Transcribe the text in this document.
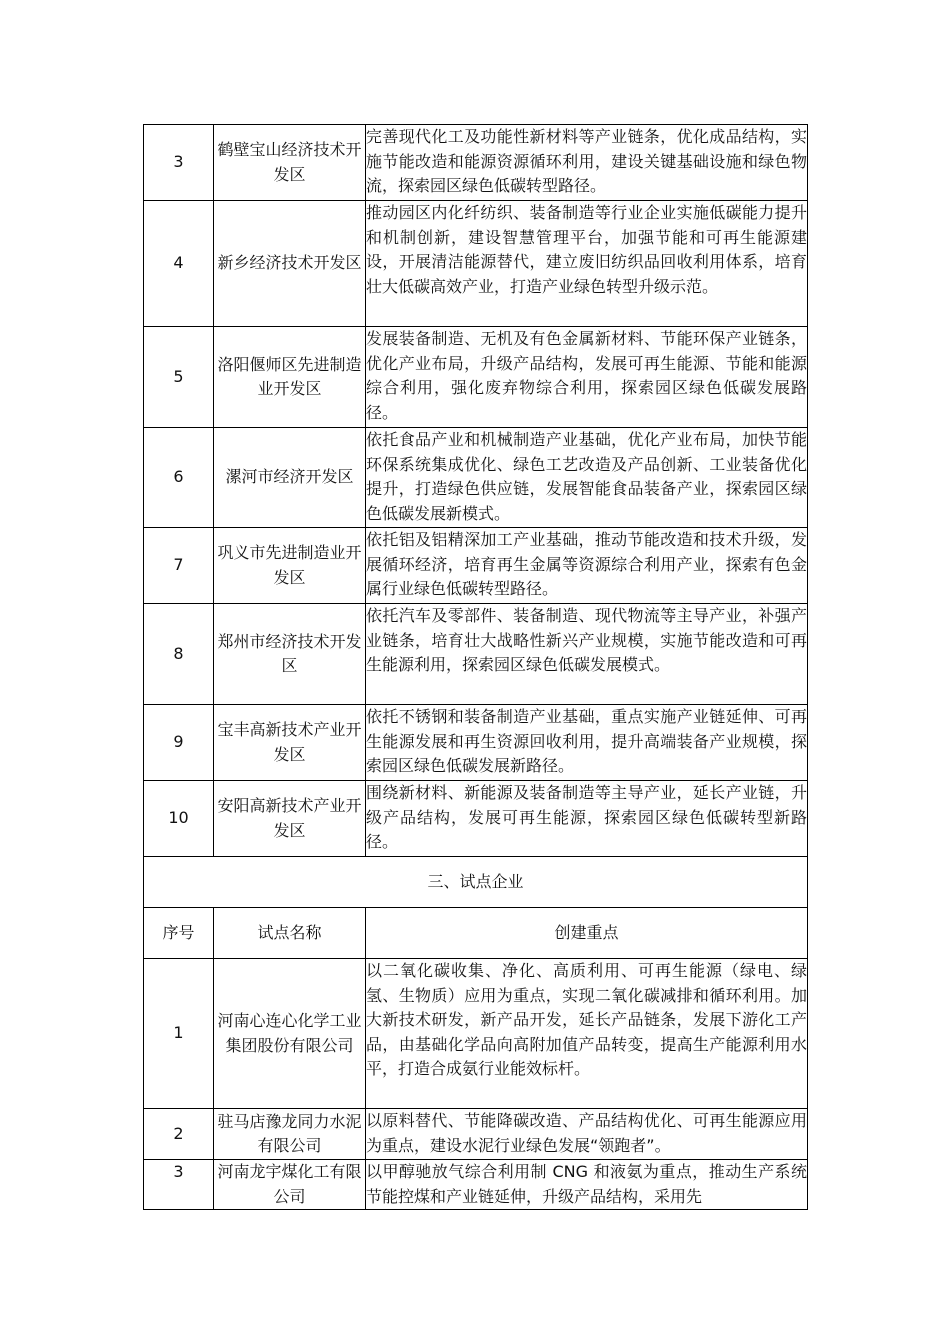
3	鹤壁宝山经济技术开发区	完善现代化工及功能性新材料等产业链条，优化成品结构，实施节能改造和能源资源循环利用，建设关键基础设施和绿色物流，探索园区绿色低碳转型路径。
4	新乡经济技术开发区	推动园区内化纤纺织、装备制造等行业企业实施低碳能力提升和机制创新，建设智慧管理平台，加强节能和可再生能源建设，开展清洁能源替代，建立废旧纺织品回收利用体系，培育壮大低碳高效产业，打造产业绿色转型升级示范。
5	洛阳偃师区先进制造业开发区	发展装备制造、无机及有色金属新材料、节能环保产业链条，优化产业布局，升级产品结构，发展可再生能源、节能和能源综合利用，强化废弃物综合利用，探索园区绿色低碳发展路径。
6	漯河市经济开发区	依托食品产业和机械制造产业基础，优化产业布局，加快节能环保系统集成优化、绿色工艺改造及产品创新、工业装备优化提升，打造绿色供应链，发展智能食品装备产业，探索园区绿色低碳发展新模式。
7	巩义市先进制造业开发区	依托铝及铝精深加工产业基础，推动节能改造和技术升级，发展循环经济，培育再生金属等资源综合利用产业，探索有色金属行业绿色低碳转型路径。
8	郑州市经济技术开发区	依托汽车及零部件、装备制造、现代物流等主导产业，补强产业链条，培育壮大战略性新兴产业规模，实施节能改造和可再生能源利用，探索园区绿色低碳发展模式。
9	宝丰高新技术产业开发区	依托不锈钢和装备制造产业基础，重点实施产业链延伸、可再生能源发展和再生资源回收利用，提升高端装备产业规模，探索园区绿色低碳发展新路径。
10	安阳高新技术产业开发区	围绕新材料、新能源及装备制造等主导产业，延长产业链，升级产品结构，发展可再生能源，探索园区绿色低碳转型新路径。
三、试点企业		
序号	试点名称	创建重点
1	河南心连心化学工业集团股份有限公司	以二氧化碳收集、净化、高质利用、可再生能源（绿电、绿氢、生物质）应用为重点，实现二氧化碳减排和循环利用。加大新技术研发，新产品开发，延长产品链条，发展下游化工产品，由基础化学品向高附加值产品转变，提高生产能源利用水平，打造合成氨行业能效标杆。
2	驻马店豫龙同力水泥有限公司	以原料替代、节能降碳改造、产品结构优化、可再生能源应用为重点，建设水泥行业绿色发展“领跑者”。
3	河南龙宇煤化工有限公司	以甲醇驰放气综合利用制 CNG 和液氨为重点，推动生产系统节能控煤和产业链延伸，升级产品结构，采用先
